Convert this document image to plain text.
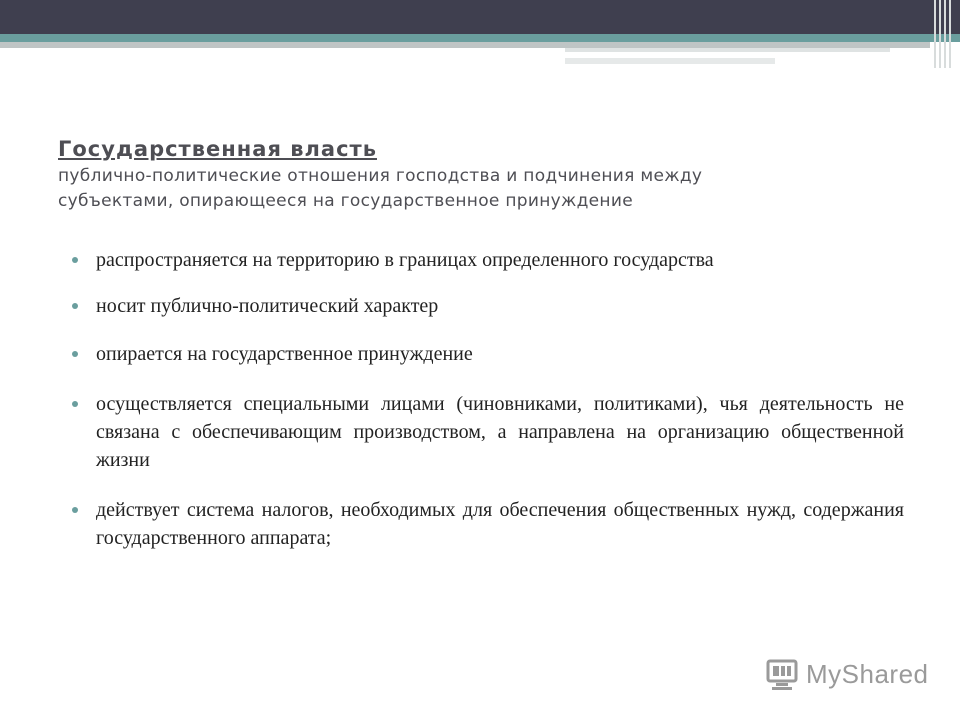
Государственная власть
публично-политические отношения господства и подчинения между
субъектами, опирающееся на государственное принуждение
распространяется на территорию в границах определенного государства
носит публично-политический характер
опирается на государственное принуждение
осуществляется специальными лицами (чиновниками, политиками), чья деятельность не связана с обеспечивающим производством, а направлена на организацию общественной жизни
действует система налогов, необходимых для обеспечения общественных нужд, содержания государственного аппарата;
MyShared
